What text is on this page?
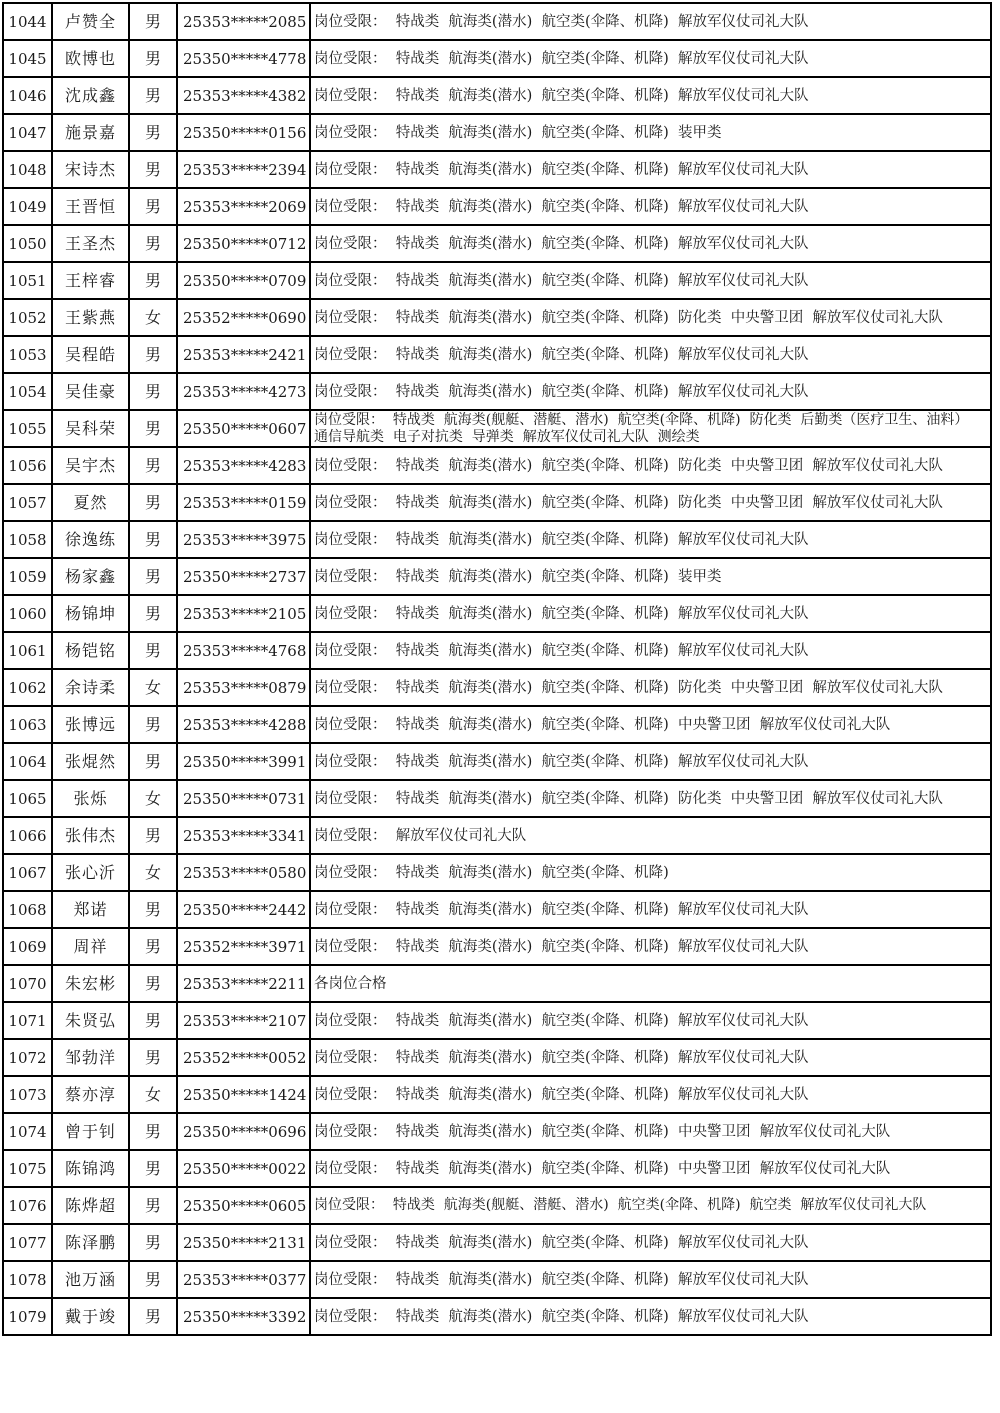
1044	卢赞全	男	25353*****2085	岗位受限：  特战类  航海类(潜水)  航空类(伞降、机降)  解放军仪仗司礼大队
1045	欧博也	男	25350*****4778	岗位受限：  特战类  航海类(潜水)  航空类(伞降、机降)  解放军仪仗司礼大队
1046	沈成鑫	男	25353*****4382	岗位受限：  特战类  航海类(潜水)  航空类(伞降、机降)  解放军仪仗司礼大队
1047	施景嘉	男	25350*****0156	岗位受限：  特战类  航海类(潜水)  航空类(伞降、机降)  装甲类
1048	宋诗杰	男	25353*****2394	岗位受限：  特战类  航海类(潜水)  航空类(伞降、机降)  解放军仪仗司礼大队
1049	王晋恒	男	25353*****2069	岗位受限：  特战类  航海类(潜水)  航空类(伞降、机降)  解放军仪仗司礼大队
1050	王圣杰	男	25350*****0712	岗位受限：  特战类  航海类(潜水)  航空类(伞降、机降)  解放军仪仗司礼大队
1051	王梓睿	男	25350*****0709	岗位受限：  特战类  航海类(潜水)  航空类(伞降、机降)  解放军仪仗司礼大队
1052	王紫燕	女	25352*****0690	岗位受限：  特战类  航海类(潜水)  航空类(伞降、机降)  防化类  中央警卫团  解放军仪仗司礼大队
1053	吴程皓	男	25353*****2421	岗位受限：  特战类  航海类(潜水)  航空类(伞降、机降)  解放军仪仗司礼大队
1054	吴佳豪	男	25353*****4273	岗位受限：  特战类  航海类(潜水)  航空类(伞降、机降)  解放军仪仗司礼大队
1055	吴科荣	男	25350*****0607	岗位受限：  特战类  航海类(舰艇、潜艇、潜水)  航空类(伞降、机降)  防化类  后勤类（医疗卫生、油料）  通信导航类  电子对抗类  导弹类  解放军仪仗司礼大队  测绘类
1056	吴宇杰	男	25353*****4283	岗位受限：  特战类  航海类(潜水)  航空类(伞降、机降)  防化类  中央警卫团  解放军仪仗司礼大队
1057	夏然	男	25353*****0159	岗位受限：  特战类  航海类(潜水)  航空类(伞降、机降)  防化类  中央警卫团  解放军仪仗司礼大队
1058	徐逸练	男	25353*****3975	岗位受限：  特战类  航海类(潜水)  航空类(伞降、机降)  解放军仪仗司礼大队
1059	杨家鑫	男	25350*****2737	岗位受限：  特战类  航海类(潜水)  航空类(伞降、机降)  装甲类
1060	杨锦坤	男	25353*****2105	岗位受限：  特战类  航海类(潜水)  航空类(伞降、机降)  解放军仪仗司礼大队
1061	杨铠铭	男	25353*****4768	岗位受限：  特战类  航海类(潜水)  航空类(伞降、机降)  解放军仪仗司礼大队
1062	余诗柔	女	25353*****0879	岗位受限：  特战类  航海类(潜水)  航空类(伞降、机降)  防化类  中央警卫团  解放军仪仗司礼大队
1063	张博远	男	25353*****4288	岗位受限：  特战类  航海类(潜水)  航空类(伞降、机降)  中央警卫团  解放军仪仗司礼大队
1064	张焜然	男	25350*****3991	岗位受限：  特战类  航海类(潜水)  航空类(伞降、机降)  解放军仪仗司礼大队
1065	张烁	女	25350*****0731	岗位受限：  特战类  航海类(潜水)  航空类(伞降、机降)  防化类  中央警卫团  解放军仪仗司礼大队
1066	张伟杰	男	25353*****3341	岗位受限：  解放军仪仗司礼大队
1067	张心沂	女	25353*****0580	岗位受限：  特战类  航海类(潜水)  航空类(伞降、机降)
1068	郑诺	男	25350*****2442	岗位受限：  特战类  航海类(潜水)  航空类(伞降、机降)  解放军仪仗司礼大队
1069	周祥	男	25352*****3971	岗位受限：  特战类  航海类(潜水)  航空类(伞降、机降)  解放军仪仗司礼大队
1070	朱宏彬	男	25353*****2211	各岗位合格
1071	朱贤弘	男	25353*****2107	岗位受限：  特战类  航海类(潜水)  航空类(伞降、机降)  解放军仪仗司礼大队
1072	邹勃洋	男	25352*****0052	岗位受限：  特战类  航海类(潜水)  航空类(伞降、机降)  解放军仪仗司礼大队
1073	蔡亦淳	女	25350*****1424	岗位受限：  特战类  航海类(潜水)  航空类(伞降、机降)  解放军仪仗司礼大队
1074	曾于钊	男	25350*****0696	岗位受限：  特战类  航海类(潜水)  航空类(伞降、机降)  中央警卫团  解放军仪仗司礼大队
1075	陈锦鸿	男	25350*****0022	岗位受限：  特战类  航海类(潜水)  航空类(伞降、机降)  中央警卫团  解放军仪仗司礼大队
1076	陈烨超	男	25350*****0605	岗位受限：  特战类  航海类(舰艇、潜艇、潜水)  航空类(伞降、机降)  航空类  解放军仪仗司礼大队
1077	陈泽鹏	男	25350*****2131	岗位受限：  特战类  航海类(潜水)  航空类(伞降、机降)  解放军仪仗司礼大队
1078	池万涵	男	25353*****0377	岗位受限：  特战类  航海类(潜水)  航空类(伞降、机降)  解放军仪仗司礼大队
1079	戴于竣	男	25350*****3392	岗位受限：  特战类  航海类(潜水)  航空类(伞降、机降)  解放军仪仗司礼大队
